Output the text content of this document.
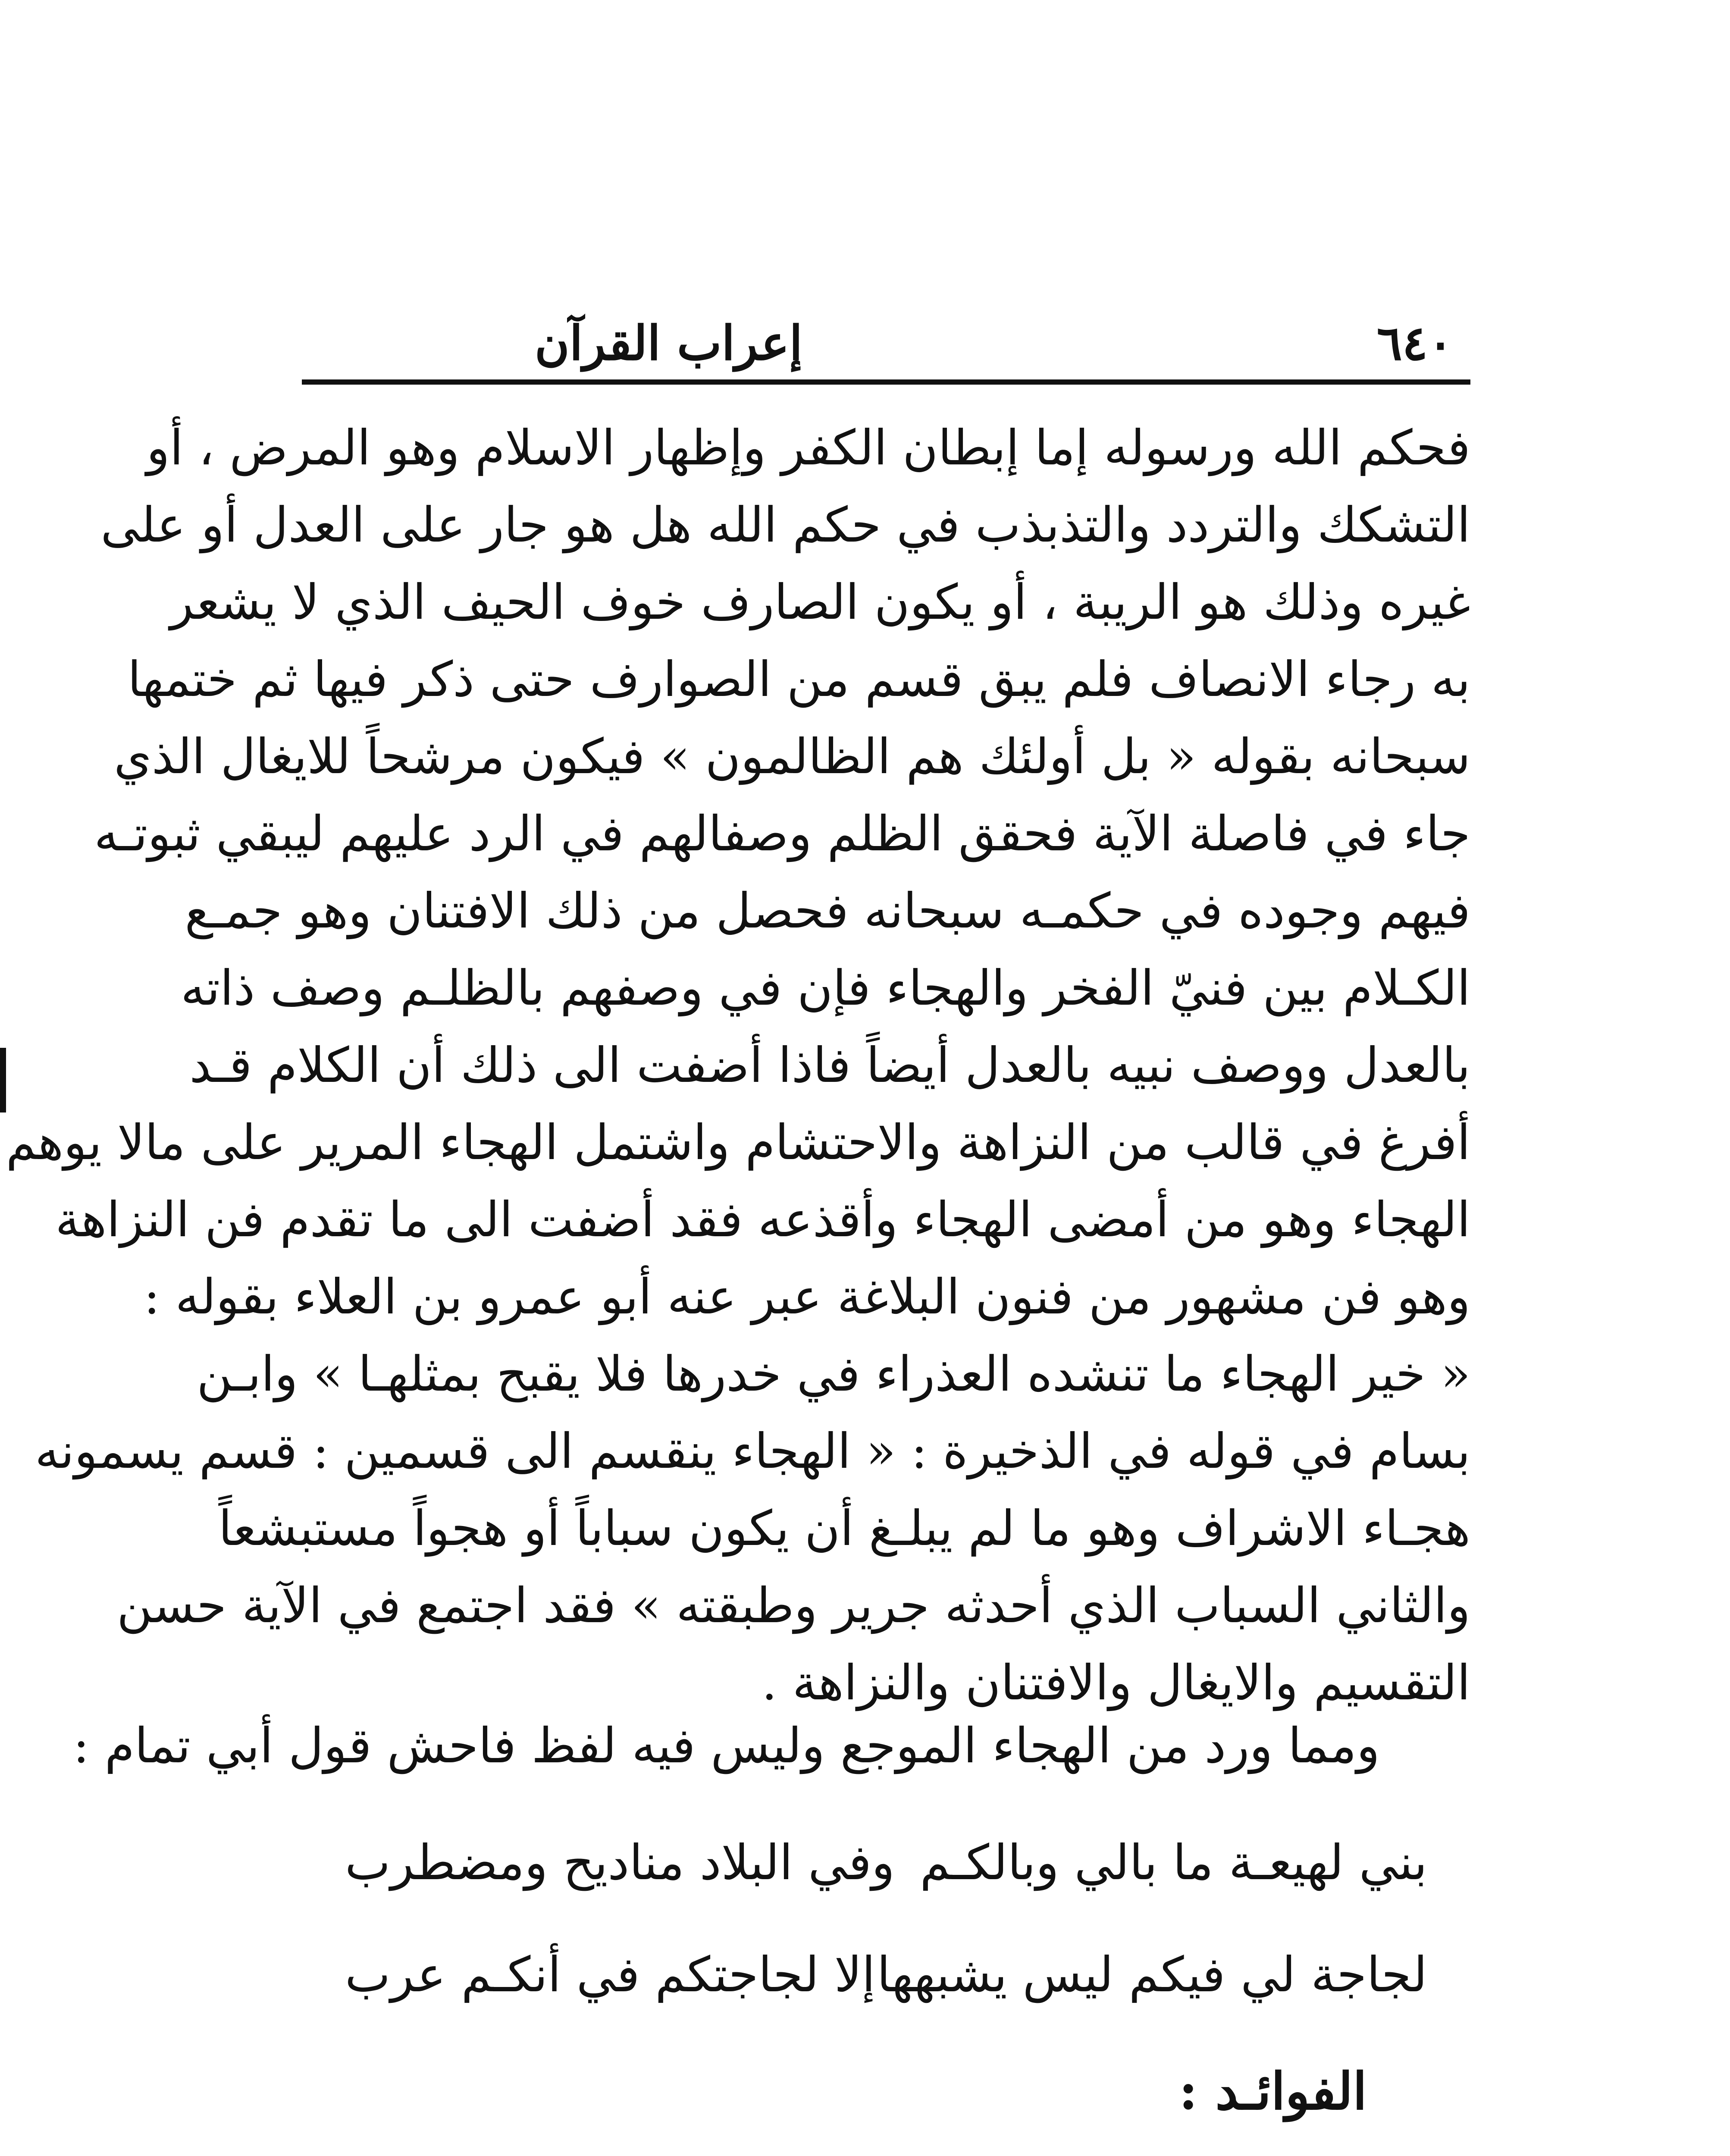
٦٤٠
إعراب القرآن
فحكم الله ورسوله إما إبطان الكفر وإظهار الاسلام وهو المرض ، أو
التشكك والتردد والتذبذب في حكم الله هل هو جار على العدل أو على
غيره وذلك هو الريبة ، أو يكون الصارف خوف الحيف الذي لا يشعر
به رجاء الانصاف فلم يبق قسم من الصوارف حتى ذكر فيها ثم ختمها
سبحانه بقوله « بل أولئك هم الظالمون » فيكون مرشحاً للايغال الذي
جاء في فاصلة الآية فحقق الظلم وصفالهم في الرد عليهم ليبقي ثبوتـه
فيهم وجوده في حكمـه سبحانه فحصل من ذلك الافتنان وهو جمـع
الكـلام بين فنيّ الفخر والهجاء فإن في وصفهم بالظلـم وصف ذاته
بالعدل ووصف نبيه بالعدل أيضاً فاذا أضفت الى ذلك أن الكلام قـد
أفرغ في قالب من النزاهة والاحتشام واشتمل الهجاء المرير على مالا يوهم
الهجاء وهو من أمضى الهجاء وأقذعه فقد أضفت الى ما تقدم فن النزاهة
وهو فن مشهور من فنون البلاغة عبر عنه أبو عمرو بن العلاء بقوله :
« خير الهجاء ما تنشده العذراء في خدرها فلا يقبح بمثلهـا » وابـن
بسام في قوله في الذخيرة : « الهجاء ينقسم الى قسمين : قسم يسمونه
هجـاء الاشراف وهو ما لم يبلـغ أن يكون سباباً أو هجواً مستبشعاً
والثاني السباب الذي أحدثه جرير وطبقته » فقد اجتمع في الآية حسن
التقسيم والايغال والافتنان والنزاهة .
ومما ورد من الهجاء الموجع وليس فيه لفظ فاحش قول أبي تمام :
بني لهيعـة ما بالي وبالكـم
وفي البلاد مناديح ومضطرب
لجاجة لي فيكم ليس يشبهها
إلا لجاجتكم في أنكـم عرب
الفوائـد :
